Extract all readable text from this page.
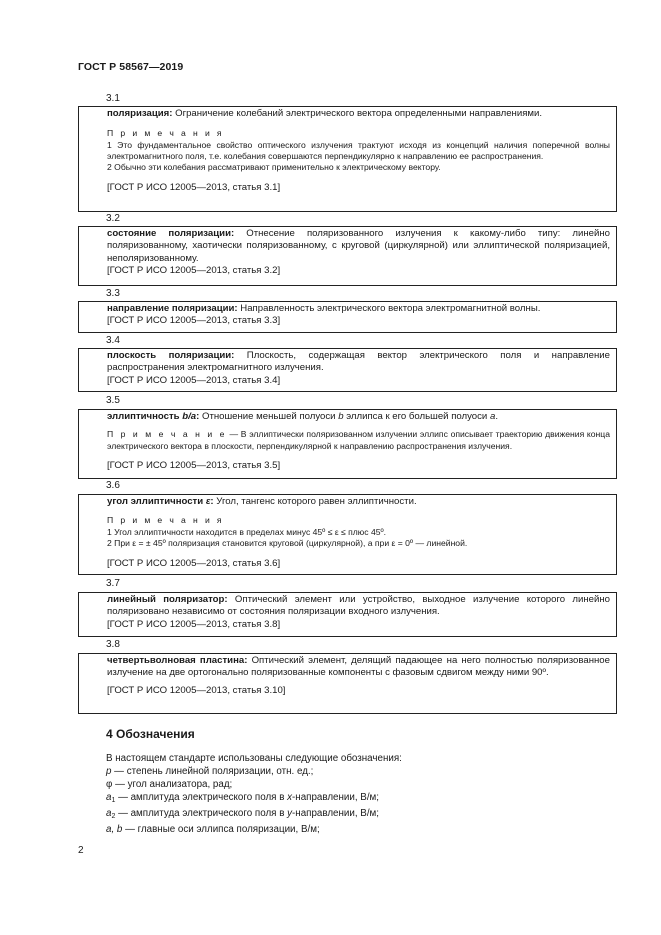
ГОСТ Р 58567—2019
3.1

поляризация: Ограничение колебаний электрического вектора определенными направлениями.

П р и м е ч а н и я

1 Это фундаментальное свойство оптического излучения трактуют исходя из концепций наличия поперечной волны электромагнитного поля, т.е. колебания совершаются перпендикулярно к направлению ее распространения.

2 Обычно эти колебания рассматривают применительно к электрическому вектору.

[ГОСТ Р ИСО 12005—2013, статья 3.1]

3.2

состояние поляризации: Отнесение поляризованного излучения к какому-либо типу: линейно поляризованному, хаотически поляризованному, с круговой (циркулярной) или эллиптической поляризацией, неполяризованному.

[ГОСТ Р ИСО 12005—2013, статья 3.2]

3.3

направление поляризации: Направленность электрического вектора электромагнитной волны.

[ГОСТ Р ИСО 12005—2013, статья 3.3]

3.4

плоскость поляризации: Плоскость, содержащая вектор электрического поля и направление распространения электромагнитного излучения.

[ГОСТ Р ИСО 12005—2013, статья 3.4]

3.5

эллиптичность b/a: Отношение меньшей полуоси b эллипса к его большей полуоси a.

П р и м е ч а н и е — В эллиптически поляризованном излучении эллипс описывает траекторию движения конца электрического вектора в плоскости, перпендикулярной к направлению распространения излучения.

[ГОСТ Р ИСО 12005—2013, статья 3.5]

3.6

угол эллиптичности ε: Угол, тангенс которого равен эллиптичности.

П р и м е ч а н и я

1 Угол эллиптичности находится в пределах минус 45º ≤ ε ≤ плюс 45º.

2 При ε = ± 45º поляризация становится круговой (циркулярной), а при ε = 0º — линейной.

[ГОСТ Р ИСО 12005—2013, статья 3.6]

3.7

линейный поляризатор: Оптический элемент или устройство, выходное излучение которого линейно поляризовано независимо от состояния поляризации входного излучения.

[ГОСТ Р ИСО 12005—2013, статья 3.8]

3.8

четвертьволновая пластина: Оптический элемент, делящий падающее на него полностью поляризованное излучение на две ортогонально поляризованные компоненты с фазовым сдвигом между ними 90º.

[ГОСТ Р ИСО 12005—2013, статья 3.10]

4 Обозначения
В настоящем стандарте использованы следующие обозначения:
p — степень линейной поляризации, отн. ед.;
φ — угол анализатора, рад;
$a_1$ — амплитуда электрического поля в x-направлении, В/м;
$a_2$ — амплитуда электрического поля в y-направлении, В/м;
a, b — главные оси эллипса поляризации, В/м;
2
